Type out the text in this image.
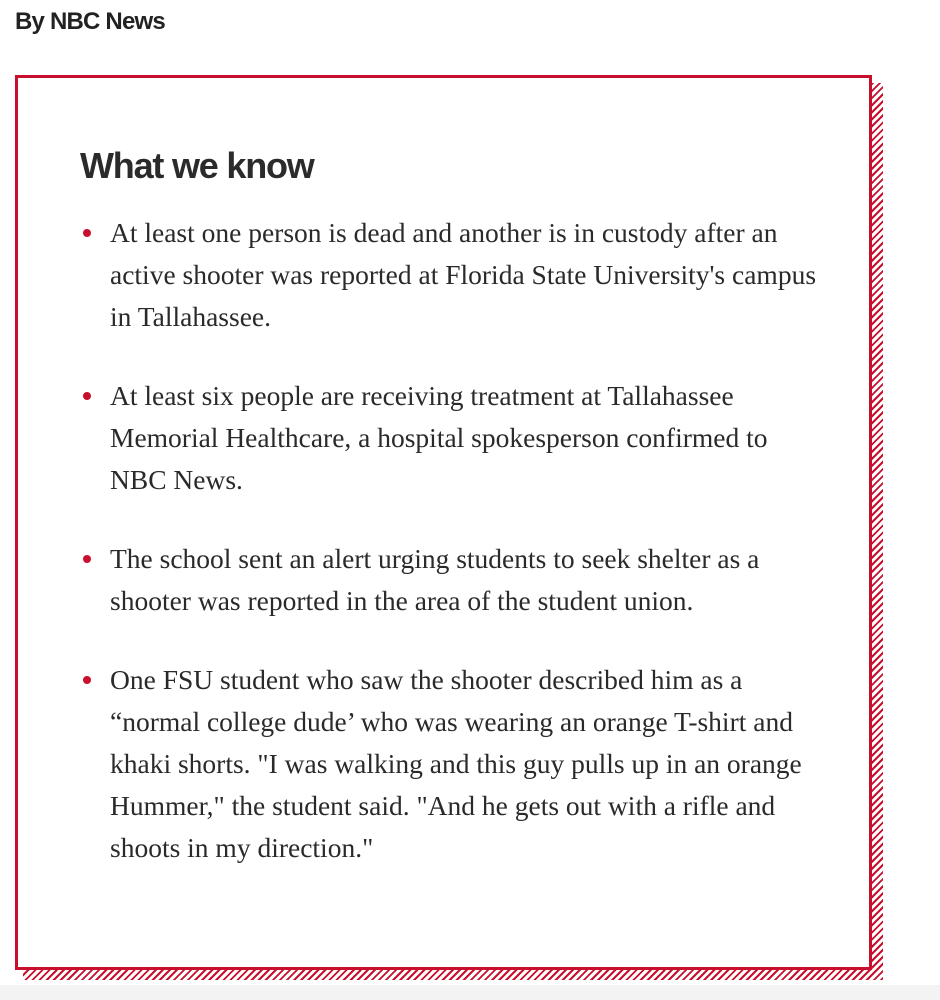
By NBC News

What we know
At least one person is dead and another is in custody after an active shooter was reported at Florida State University's campus in Tallahassee.
At least six people are receiving treatment at Tallahassee Memorial Healthcare, a hospital spokesperson confirmed to NBC News.
The school sent an alert urging students to seek shelter as a shooter was reported in the area of the student union.
One FSU student who saw the shooter described him as a “normal college dude’ who was wearing an orange T-shirt and khaki shorts. "I was walking and this guy pulls up in an orange Hummer," the student said. "And he gets out with a rifle and shoots in my direction."
